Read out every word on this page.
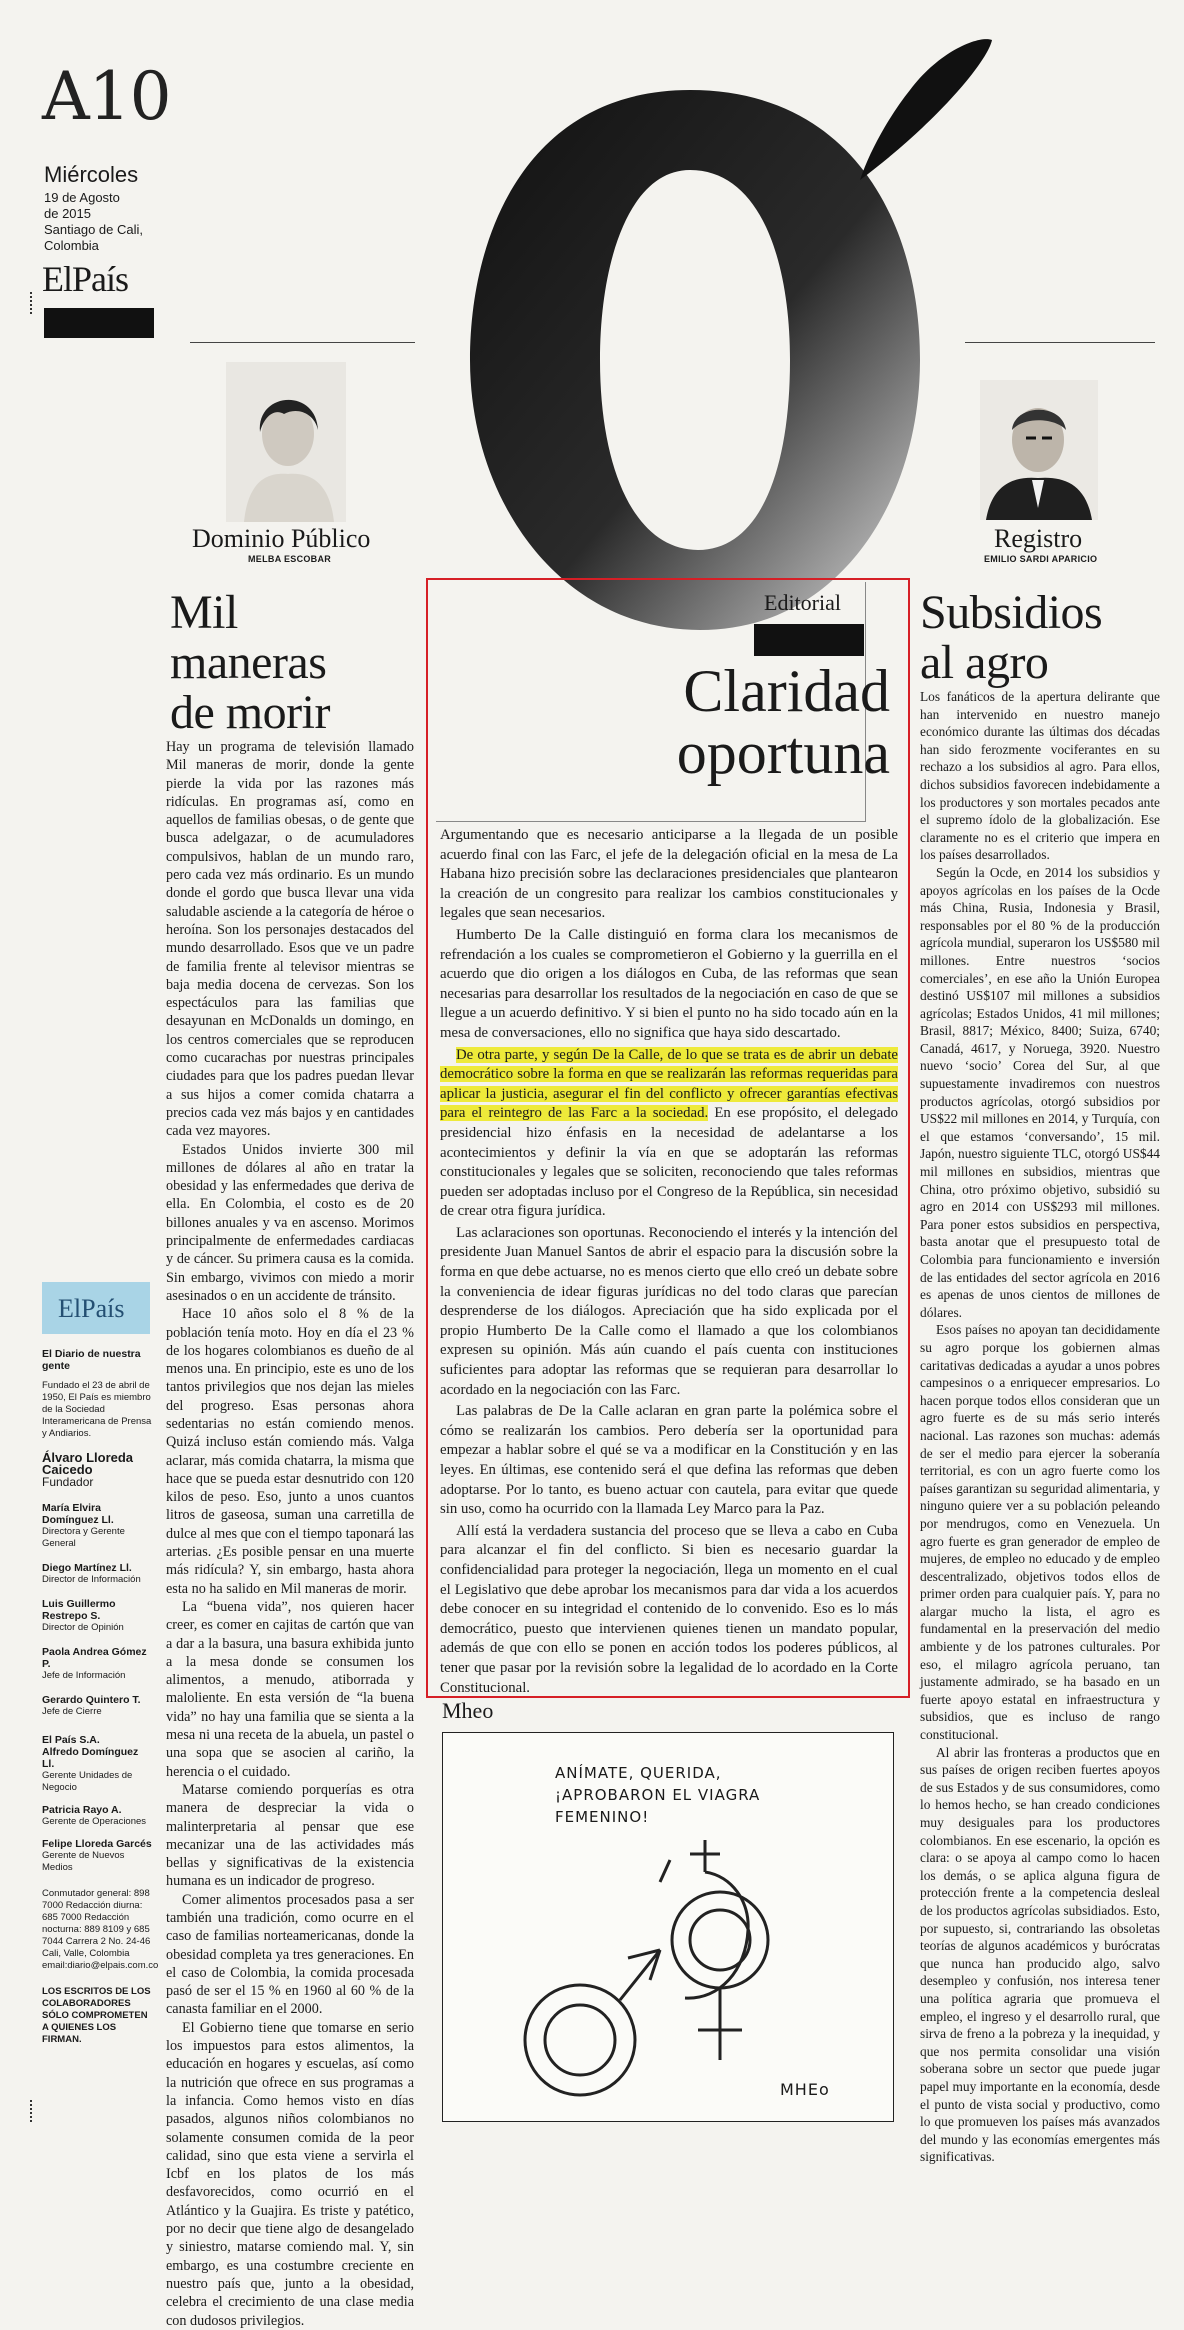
A10
Miércoles
19 de Agosto
de 2015
Santiago de Cali,
Colombia
ElPaís
Dominio Público
MELBA ESCOBAR
Registro
EMILIO SARDI APARICIO
Mil
maneras
de morir

Hay un programa de televisión llamado Mil maneras de morir, donde la gente pierde la vida por las razones más ridículas. En programas así, como en aquellos de familias obesas, o de gente que busca adelgazar, o de acumuladores compulsivos, hablan de un mundo raro, pero cada vez más ordinario. Es un mundo donde el gordo que busca llevar una vida saludable asciende a la categoría de héroe o heroína. Son los personajes destacados del mundo desarrollado. Esos que ve un padre de familia frente al televisor mientras se baja media docena de cervezas. Son los espectáculos para las familias que desayunan en McDonalds un domingo, en los centros comerciales que se reproducen como cucarachas por nuestras principales ciudades para que los padres puedan llevar a sus hijos a comer comida chatarra a precios cada vez más bajos y en cantidades cada vez mayores.

Estados Unidos invierte 300 mil millones de dólares al año en tratar la obesidad y las enfermedades que deriva de ella. En Colombia, el costo es de 20 billones anuales y va en ascenso. Morimos principalmente de enfermedades cardiacas y de cáncer. Su primera causa es la comida. Sin embargo, vivimos con miedo a morir asesinados o en un accidente de tránsito.

Hace 10 años solo el 8 % de la población tenía moto. Hoy en día el 23 % de los hogares colombianos es dueño de al menos una. En principio, este es uno de los tantos privilegios que nos dejan las mieles del progreso. Esas personas ahora sedentarias no están comiendo menos. Quizá incluso están comiendo más. Valga aclarar, más comida chatarra, la misma que hace que se pueda estar desnutrido con 120 kilos de peso. Eso, junto a unos cuantos litros de gaseosa, suman una carretilla de dulce al mes que con el tiempo taponará las arterias. ¿Es posible pensar en una muerte más ridícula? Y, sin embargo, hasta ahora esta no ha salido en Mil maneras de morir.

La “buena vida”, nos quieren hacer creer, es comer en cajitas de cartón que van a dar a la basura, una basura exhibida junto a la mesa donde se consumen los alimentos, a menudo, atiborrada y maloliente. En esta versión de “la buena vida” no hay una familia que se sienta a la mesa ni una receta de la abuela, un pastel o una sopa que se asocien al cariño, la herencia o el cuidado.

Matarse comiendo porquerías es otra manera de despreciar la vida o malinterpretaria al pensar que ese mecanizar una de las actividades más bellas y significativas de la existencia humana es un indicador de progreso.

Comer alimentos procesados pasa a ser también una tradición, como ocurre en el caso de familias norteamericanas, donde la obesidad completa ya tres generaciones. En el caso de Colombia, la comida procesada pasó de ser el 15 % en 1960 al 60 % de la canasta familiar en el 2000.

El Gobierno tiene que tomarse en serio los impuestos para estos alimentos, la educación en hogares y escuelas, así como la nutrición que ofrece en sus programas a la infancia. Como hemos visto en días pasados, algunos niños colombianos no solamente consumen comida de la peor calidad, sino que esta viene a servirla el Icbf en los platos de los más desfavorecidos, como ocurrió en el Atlántico y la Guajira. Es triste y patético, por no decir que tiene algo de desangelado y siniestro, matarse comiendo mal. Y, sin embargo, es una costumbre creciente en nuestro país que, junto a la obesidad, celebra el crecimiento de una clase media con dudosos privilegios.

Editorial
Claridad
oportuna

Argumentando que es necesario anticiparse a la llegada de un posible acuerdo final con las Farc, el jefe de la delegación oficial en la mesa de La Habana hizo precisión sobre las declaraciones presidenciales que plantearon la creación de un congresito para realizar los cambios constitucionales y legales que sean necesarios.

Humberto De la Calle distinguió en forma clara los mecanismos de refrendación a los cuales se comprometieron el Gobierno y la guerrilla en el acuerdo que dio origen a los diálogos en Cuba, de las reformas que sean necesarias para desarrollar los resultados de la negociación en caso de que se llegue a un acuerdo definitivo. Y si bien el punto no ha sido tocado aún en la mesa de conversaciones, ello no significa que haya sido descartado.

De otra parte, y según De la Calle, de lo que se trata es de abrir un debate democrático sobre la forma en que se realizarán las reformas requeridas para aplicar la justicia, asegurar el fin del conflicto y ofrecer garantías efectivas para el reintegro de las Farc a la sociedad. En ese propósito, el delegado presidencial hizo énfasis en la necesidad de adelantarse a los acontecimientos y definir la vía en que se adoptarán las reformas constitucionales y legales que se soliciten, reconociendo que tales reformas pueden ser adoptadas incluso por el Congreso de la República, sin necesidad de crear otra figura jurídica.

Las aclaraciones son oportunas. Reconociendo el interés y la intención del presidente Juan Manuel Santos de abrir el espacio para la discusión sobre la forma en que debe actuarse, no es menos cierto que ello creó un debate sobre la conveniencia de idear figuras jurídicas no del todo claras que parecían desprenderse de los diálogos. Apreciación que ha sido explicada por el propio Humberto De la Calle como el llamado a que los colombianos expresen su opinión. Más aún cuando el país cuenta con instituciones suficientes para adoptar las reformas que se requieran para desarrollar lo acordado en la negociación con las Farc.

Las palabras de De la Calle aclaran en gran parte la polémica sobre el cómo se realizarán los cambios. Pero debería ser la oportunidad para empezar a hablar sobre el qué se va a modificar en la Constitución y en las leyes. En últimas, ese contenido será el que defina las reformas que deben adoptarse. Por lo tanto, es bueno actuar con cautela, para evitar que quede sin uso, como ha ocurrido con la llamada Ley Marco para la Paz.

Allí está la verdadera sustancia del proceso que se lleva a cabo en Cuba para alcanzar el fin del conflicto. Si bien es necesario guardar la confidencialidad para proteger la negociación, llega un momento en el cual el Legislativo que debe aprobar los mecanismos para dar vida a los acuerdos debe conocer en su integridad el contenido de lo convenido. Eso es lo más democrático, puesto que intervienen quienes tienen un mandato popular, además de que con ello se ponen en acción todos los poderes públicos, al tener que pasar por la revisión sobre la legalidad de lo acordado en la Corte Constitucional.

Subsidios
al agro

Los fanáticos de la apertura delirante que han intervenido en nuestro manejo económico durante las últimas dos décadas han sido ferozmente vociferantes en su rechazo a los subsidios al agro. Para ellos, dichos subsidios favorecen indebidamente a los productores y son mortales pecados ante el supremo ídolo de la globalización. Ese claramente no es el criterio que impera en los países desarrollados.

Según la Ocde, en 2014 los subsidios y apoyos agrícolas en los países de la Ocde más China, Rusia, Indonesia y Brasil, responsables por el 80 % de la producción agrícola mundial, superaron los US$580 mil millones. Entre nuestros ‘socios comerciales’, en ese año la Unión Europea destinó US$107 mil millones a subsidios agrícolas; Estados Unidos, 41 mil millones; Brasil, 8817; México, 8400; Suiza, 6740; Canadá, 4617, y Noruega, 3920. Nuestro nuevo ‘socio’ Corea del Sur, al que supuestamente invadiremos con nuestros productos agrícolas, otorgó subsidios por US$22 mil millones en 2014, y Turquía, con el que estamos ‘conversando’, 15 mil. Japón, nuestro siguiente TLC, otorgó US$44 mil millones en subsidios, mientras que China, otro próximo objetivo, subsidió su agro en 2014 con US$293 mil millones. Para poner estos subsidios en perspectiva, basta anotar que el presupuesto total de Colombia para funcionamiento e inversión de las entidades del sector agrícola en 2016 es apenas de unos cientos de millones de dólares.

Esos países no apoyan tan decididamente su agro porque los gobiernen almas caritativas dedicadas a ayudar a unos pobres campesinos o a enriquecer empresarios. Lo hacen porque todos ellos consideran que un agro fuerte es de su más serio interés nacional. Las razones son muchas: además de ser el medio para ejercer la soberanía territorial, es con un agro fuerte como los países garantizan su seguridad alimentaria, y ninguno quiere ver a su población peleando por mendrugos, como en Venezuela. Un agro fuerte es gran generador de empleo de mujeres, de empleo no educado y de empleo descentralizado, objetivos todos ellos de primer orden para cualquier país. Y, para no alargar mucho la lista, el agro es fundamental en la preservación del medio ambiente y de los patrones culturales. Por eso, el milagro agrícola peruano, tan justamente admirado, se ha basado en un fuerte apoyo estatal en infraestructura y subsidios, que es incluso de rango constitucional.

Al abrir las fronteras a productos que en sus países de origen reciben fuertes apoyos de sus Estados y de sus consumidores, como lo hemos hecho, se han creado condiciones muy desiguales para los productores colombianos. En ese escenario, la opción es clara: o se apoya al campo como lo hacen los demás, o se aplica alguna figura de protección frente a la competencia desleal de los productos agrícolas subsidiados. Esto, por supuesto, si, contrariando las obsoletas teorías de algunos académicos y burócratas que nunca han producido algo, salvo desempleo y confusión, nos interesa tener una política agraria que promueva el empleo, el ingreso y el desarrollo rural, que sirva de freno a la pobreza y la inequidad, y que nos permita consolidar una visión soberana sobre un sector que puede jugar papel muy importante en la economía, desde el punto de vista social y productivo, como lo que promueven los países más avanzados del mundo y las economías emergentes más significativas.

ElPaís
El Diario de nuestra gente
Fundado el 23 de abril de 1950, El País es miembro de la Sociedad Interamericana de Prensa y Andiarios.
Álvaro Lloreda Caicedo
Fundador
María Elvira Domínguez Ll.
Directora y Gerente General
Diego Martínez Ll.
Director de Información
Luis Guillermo Restrepo S.
Director de Opinión
Paola Andrea Gómez P.
Jefe de Información
Gerardo Quintero T.
Jefe de Cierre
El País S.A.
Alfredo Domínguez Ll.
Gerente Unidades de Negocio
Patricia Rayo A.
Gerente de Operaciones
Felipe Lloreda Garcés
Gerente de Nuevos Medios
Conmutador general: 898 7000 Redacción diurna: 685 7000 Redacción nocturna: 889 8109 y 685 7044 Carrera 2 No. 24-46 Cali, Valle, Colombia email:diario@elpais.com.co
LOS ESCRITOS DE LOS COLABORADORES SÓLO COMPROMETEN A QUIENES LOS FIRMAN.
Mheo
ANÍMATE, QUERIDA,
¡APROBARON EL VIAGRA
FEMENINO!
MHEo
